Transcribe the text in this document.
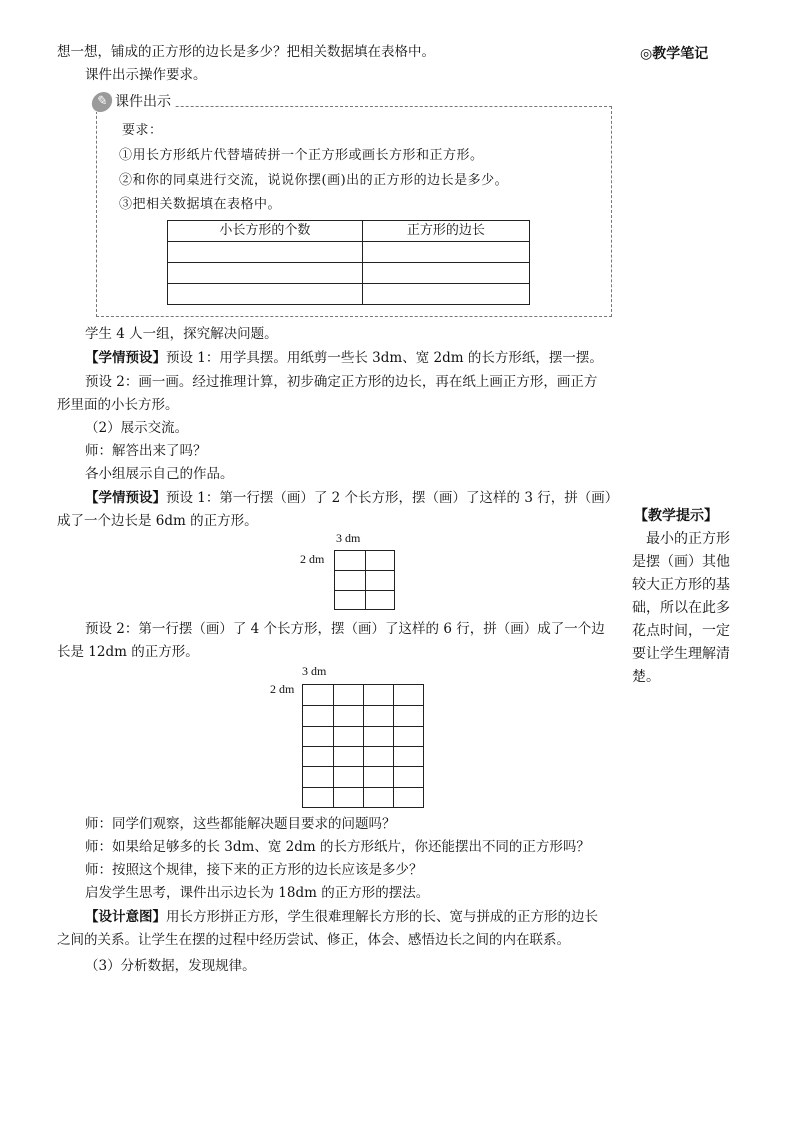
◎教学笔记
【教学提示】
　最小的正方形是摆（画）其他较大正方形的基础，所以在此多花点时间，一定要让学生理解清楚。
想一想，铺成的正方形的边长是多少？把相关数据填在表格中。
课件出示操作要求。
✎ 课件出示
要求：
①用长方形纸片代替墙砖拼一个正方形或画长方形和正方形。
②和你的同桌进行交流，说说你摆(画)出的正方形的边长是多少。
③把相关数据填在表格中。
小长方形的个数	正方形的边长

学生 4 人一组，探究解决问题。
【学情预设】预设 1：用学具摆。用纸剪一些长 3dm、宽 2dm 的长方形纸，摆一摆。
预设 2：画一画。经过推理计算，初步确定正方形的边长，再在纸上画正方形，画正方
形里面的小长方形。
（2）展示交流。
师：解答出来了吗？
各小组展示自己的作品。
【学情预设】预设 1：第一行摆（画）了 2 个长方形，摆（画）了这样的 3 行，拼（画）
成了一个边长是 6dm 的正方形。
3 dm
2 dm
预设 2：第一行摆（画）了 4 个长方形，摆（画）了这样的 6 行，拼（画）成了一个边
长是 12dm 的正方形。
3 dm
2 dm
师：同学们观察，这些都能解决题目要求的问题吗？
师：如果给足够多的长 3dm、宽 2dm 的长方形纸片，你还能摆出不同的正方形吗？
师：按照这个规律，接下来的正方形的边长应该是多少？
启发学生思考，课件出示边长为 18dm 的正方形的摆法。
【设计意图】用长方形拼正方形，学生很难理解长方形的长、宽与拼成的正方形的边长
之间的关系。让学生在摆的过程中经历尝试、修正，体会、感悟边长之间的内在联系。
（3）分析数据，发现规律。
